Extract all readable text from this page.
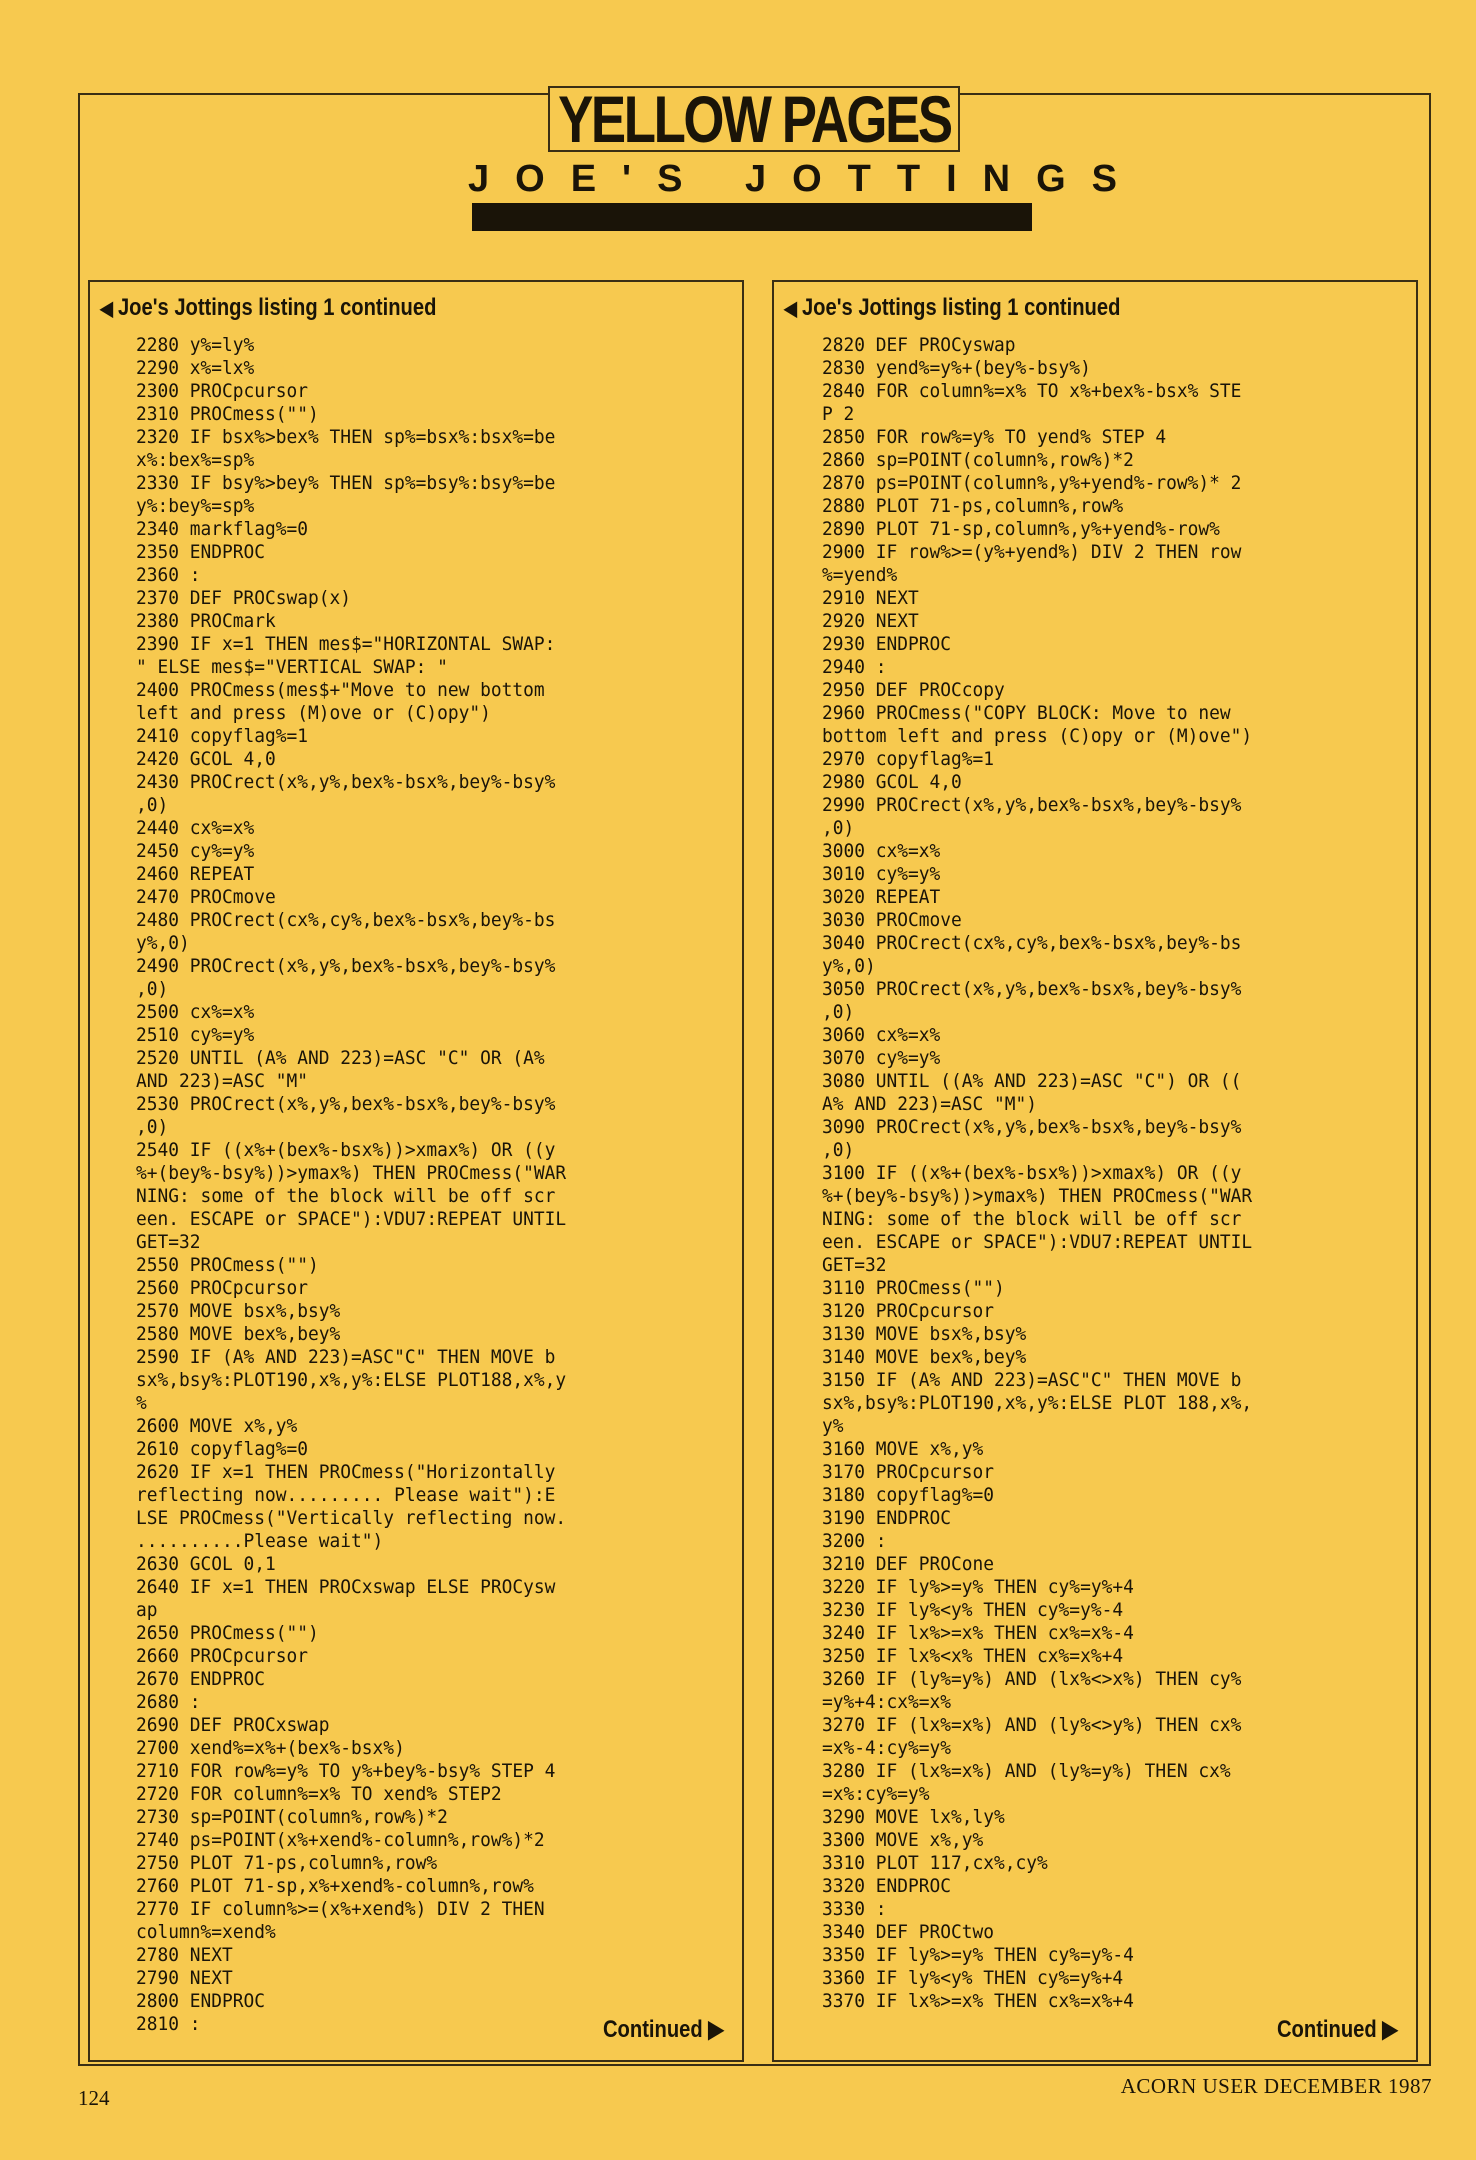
YELLOW PAGES
JOE'S JOTTINGS
◀ Joe's Jottings listing 1 continued
2280 y%=ly%
2290 x%=lx%
2300 PROCpcursor
2310 PROCmess("")
2320 IF bsx%>bex% THEN sp%=bsx%:bsx%=be
x%:bex%=sp%
2330 IF bsy%>bey% THEN sp%=bsy%:bsy%=be
y%:bey%=sp%
2340 markflag%=0
2350 ENDPROC
2360 :
2370 DEF PROCswap(x)
2380 PROCmark
2390 IF x=1 THEN mes$="HORIZONTAL SWAP:
" ELSE mes$="VERTICAL SWAP: "
2400 PROCmess(mes$+"Move to new bottom
left and press (M)ove or (C)opy")
2410 copyflag%=1
2420 GCOL 4,0
2430 PROCrect(x%,y%,bex%-bsx%,bey%-bsy%
,0)
2440 cx%=x%
2450 cy%=y%
2460 REPEAT
2470 PROCmove
2480 PROCrect(cx%,cy%,bex%-bsx%,bey%-bs
y%,0)
2490 PROCrect(x%,y%,bex%-bsx%,bey%-bsy%
,0)
2500 cx%=x%
2510 cy%=y%
2520 UNTIL (A% AND 223)=ASC "C" OR (A%
AND 223)=ASC "M"
2530 PROCrect(x%,y%,bex%-bsx%,bey%-bsy%
,0)
2540 IF ((x%+(bex%-bsx%))>xmax%) OR ((y
%+(bey%-bsy%))>ymax%) THEN PROCmess("WAR
NING: some of the block will be off scr
een. ESCAPE or SPACE"):VDU7:REPEAT UNTIL
GET=32
2550 PROCmess("")
2560 PROCpcursor
2570 MOVE bsx%,bsy%
2580 MOVE bex%,bey%
2590 IF (A% AND 223)=ASC"C" THEN MOVE b
sx%,bsy%:PLOT190,x%,y%:ELSE PLOT188,x%,y
%
2600 MOVE x%,y%
2610 copyflag%=0
2620 IF x=1 THEN PROCmess("Horizontally
reflecting now......... Please wait"):E
LSE PROCmess("Vertically reflecting now.
..........Please wait")
2630 GCOL 0,1
2640 IF x=1 THEN PROCxswap ELSE PROCysw
ap
2650 PROCmess("")
2660 PROCpcursor
2670 ENDPROC
2680 :
2690 DEF PROCxswap
2700 xend%=x%+(bex%-bsx%)
2710 FOR row%=y% TO y%+bey%-bsy% STEP 4
2720 FOR column%=x% TO xend% STEP2
2730 sp=POINT(column%,row%)*2
2740 ps=POINT(x%+xend%-column%,row%)*2
2750 PLOT 71-ps,column%,row%
2760 PLOT 71-sp,x%+xend%-column%,row%
2770 IF column%>=(x%+xend%) DIV 2 THEN
column%=xend%
2780 NEXT
2790 NEXT
2800 ENDPROC
2810 :	Continued ▶
◀ Joe's Jottings listing 1 continued
2820 DEF PROCyswap
2830 yend%=y%+(bey%-bsy%)
2840 FOR column%=x% TO x%+bex%-bsx% STE
P 2
2850 FOR row%=y% TO yend% STEP 4
2860 sp=POINT(column%,row%)*2
2870 ps=POINT(column%,y%+yend%-row%)* 2
2880 PLOT 71-ps,column%,row%
2890 PLOT 71-sp,column%,y%+yend%-row%
2900 IF row%>=(y%+yend%) DIV 2 THEN row
%=yend%
2910 NEXT
2920 NEXT
2930 ENDPROC
2940 :
2950 DEF PROCcopy
2960 PROCmess("COPY BLOCK: Move to new
bottom left and press (C)opy or (M)ove")
2970 copyflag%=1
2980 GCOL 4,0
2990 PROCrect(x%,y%,bex%-bsx%,bey%-bsy%
,0)
3000 cx%=x%
3010 cy%=y%
3020 REPEAT
3030 PROCmove
3040 PROCrect(cx%,cy%,bex%-bsx%,bey%-bs
y%,0)
3050 PROCrect(x%,y%,bex%-bsx%,bey%-bsy%
,0)
3060 cx%=x%
3070 cy%=y%
3080 UNTIL ((A% AND 223)=ASC "C") OR ((
A% AND 223)=ASC "M")
3090 PROCrect(x%,y%,bex%-bsx%,bey%-bsy%
,0)
3100 IF ((x%+(bex%-bsx%))>xmax%) OR ((y
%+(bey%-bsy%))>ymax%) THEN PROCmess("WAR
NING: some of the block will be off scr
een. ESCAPE or SPACE"):VDU7:REPEAT UNTIL
GET=32
3110 PROCmess("")
3120 PROCpcursor
3130 MOVE bsx%,bsy%
3140 MOVE bex%,bey%
3150 IF (A% AND 223)=ASC"C" THEN MOVE b
sx%,bsy%:PLOT190,x%,y%:ELSE PLOT 188,x%,
y%
3160 MOVE x%,y%
3170 PROCpcursor
3180 copyflag%=0
3190 ENDPROC
3200 :
3210 DEF PROCone
3220 IF ly%>=y% THEN cy%=y%+4
3230 IF ly%<y% THEN cy%=y%-4
3240 IF lx%>=x% THEN cx%=x%-4
3250 IF lx%<x% THEN cx%=x%+4
3260 IF (ly%=y%) AND (lx%<>x%) THEN cy%
=y%+4:cx%=x%
3270 IF (lx%=x%) AND (ly%<>y%) THEN cx%
=x%-4:cy%=y%
3280 IF (lx%=x%) AND (ly%=y%) THEN cx%
=x%:cy%=y%
3290 MOVE lx%,ly%
3300 MOVE x%,y%
3310 PLOT 117,cx%,cy%
3320 ENDPROC
3330 :
3340 DEF PROCtwo
3350 IF ly%>=y% THEN cy%=y%-4
3360 IF ly%<y% THEN cy%=y%+4
3370 IF lx%>=x% THEN cx%=x%+4
Continued ▶
124	ACORN USER DECEMBER 1987
